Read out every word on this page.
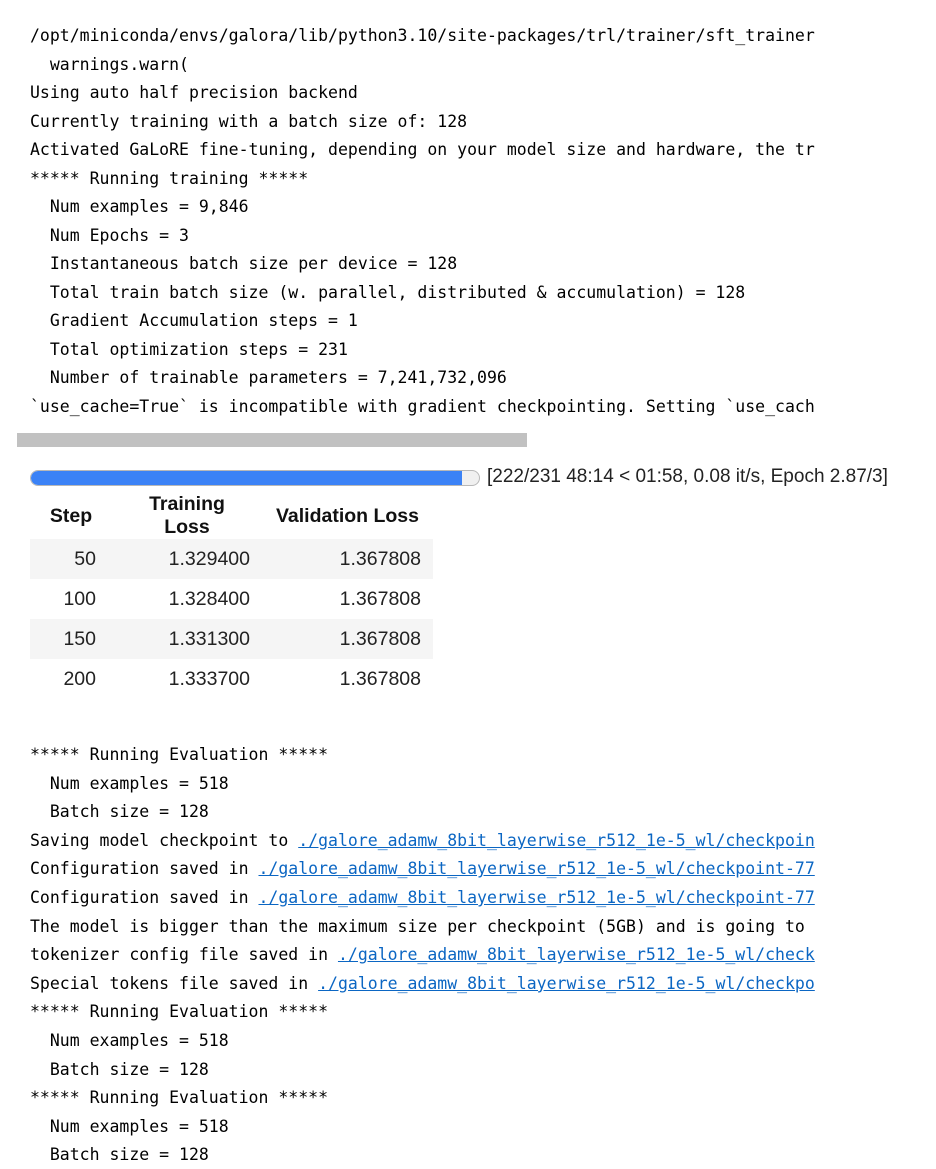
/opt/miniconda/envs/galora/lib/python3.10/site-packages/trl/trainer/sft_trainer
warnings.warn(
Using auto half precision backend
Currently training with a batch size of: 128
Activated GaLoRE fine-tuning, depending on your model size and hardware, the tr
***** Running training *****
Num examples = 9,846
Num Epochs = 3
Instantaneous batch size per device = 128
Total train batch size (w. parallel, distributed & accumulation) = 128
Gradient Accumulation steps = 1
Total optimization steps = 231
Number of trainable parameters = 7,241,732,096
`use_cache=True` is incompatible with gradient checkpointing. Setting `use_cach
[222/231 48:14 < 01:58, 0.08 it/s, Epoch 2.87/3]
Step	Training Loss	Validation Loss
50	1.329400	1.367808
100	1.328400	1.367808
150	1.331300	1.367808
200	1.333700	1.367808
***** Running Evaluation *****
Num examples = 518
Batch size = 128
Saving model checkpoint to ./galore_adamw_8bit_layerwise_r512_1e-5_wl/checkpoin
Configuration saved in ./galore_adamw_8bit_layerwise_r512_1e-5_wl/checkpoint-77
Configuration saved in ./galore_adamw_8bit_layerwise_r512_1e-5_wl/checkpoint-77
The model is bigger than the maximum size per checkpoint (5GB) and is going to
tokenizer config file saved in ./galore_adamw_8bit_layerwise_r512_1e-5_wl/check
Special tokens file saved in ./galore_adamw_8bit_layerwise_r512_1e-5_wl/checkpo
***** Running Evaluation *****
Num examples = 518
Batch size = 128
***** Running Evaluation *****
Num examples = 518
Batch size = 128
